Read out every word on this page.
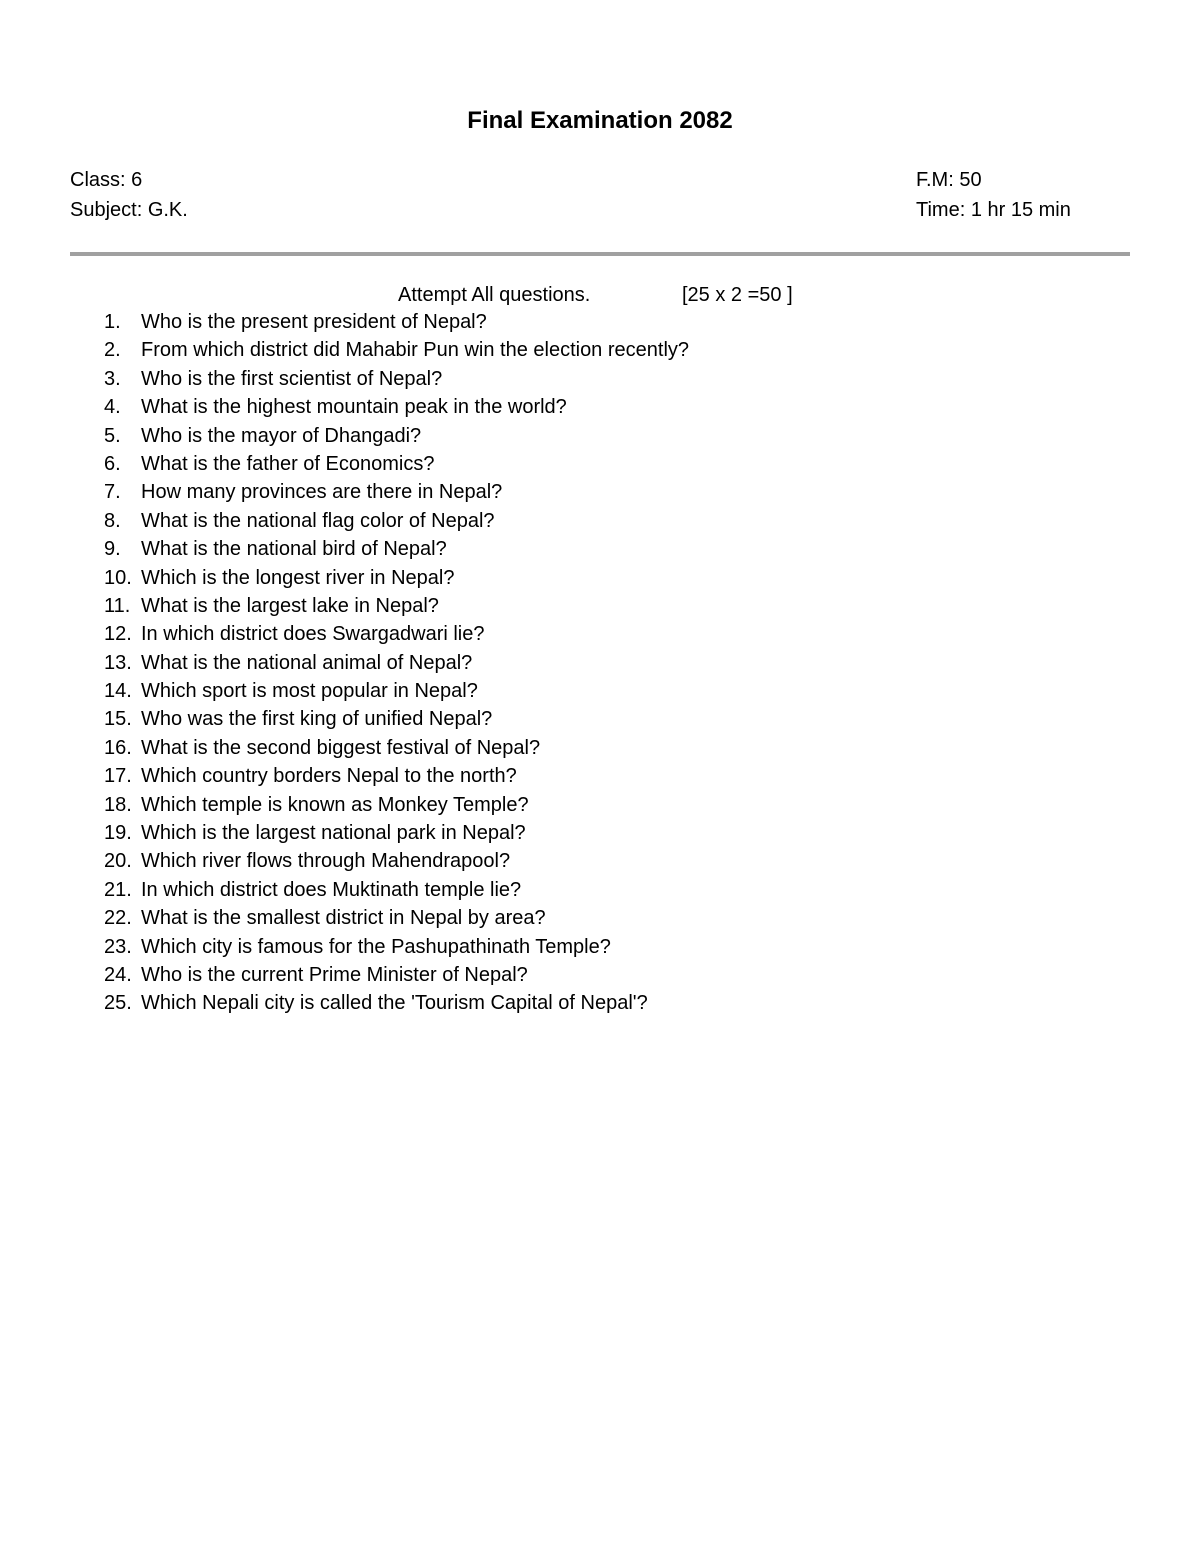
Final Examination 2082
Class: 6
Subject: G.K.
F.M: 50
Time: 1 hr 15 min
Attempt All questions.	[25 x 2 =50 ]
1. Who is the present president of Nepal?
2. From which district did Mahabir Pun win the election recently?
3. Who is the first scientist of Nepal?
4. What is the highest mountain peak in the world?
5. Who is the mayor of Dhangadi?
6. What is the father of Economics?
7. How many provinces are there in Nepal?
8. What is the national flag color of Nepal?
9. What is the national bird of Nepal?
10. Which is the longest river in Nepal?
11. What is the largest lake in Nepal?
12. In which district does Swargadwari lie?
13. What is the national animal of Nepal?
14. Which sport is most popular in Nepal?
15. Who was the first king of unified Nepal?
16. What is the second biggest festival of Nepal?
17. Which country borders Nepal to the north?
18. Which temple is known as Monkey Temple?
19. Which is the largest national park in Nepal?
20. Which river flows through Mahendrapool?
21. In which district does Muktinath temple lie?
22. What is the smallest district in Nepal by area?
23. Which city is famous for the Pashupathinath Temple?
24. Who is the current Prime Minister of Nepal?
25. Which Nepali city is called the 'Tourism Capital of Nepal'?
